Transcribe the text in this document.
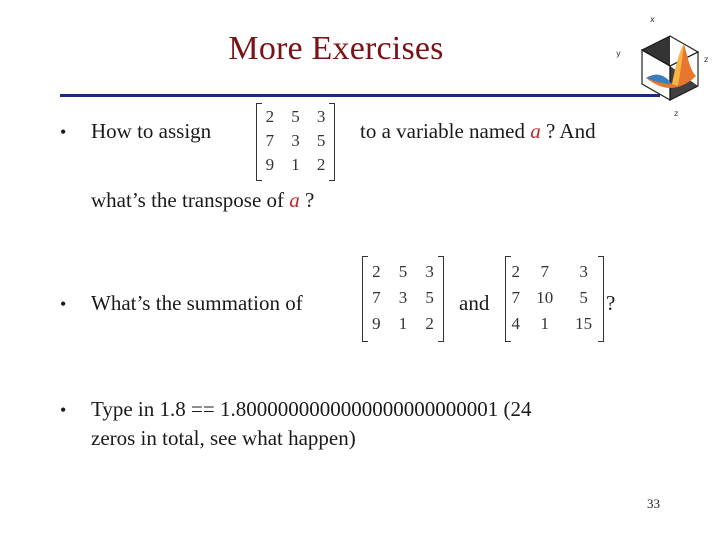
More Exercises
x
y
z
z
• How to assign
2	5	3
7	3	5
9	1	2
to a variable named a ? And
what’s the transpose of a ?
• What’s the summation of
2	5	3
7	3	5
9	1	2
and
2	7	3
7	10	5
4	1	15
?
• Type in 1.8 == 1.8000000000000000000000001 (24
zeros in total, see what happen)
33
